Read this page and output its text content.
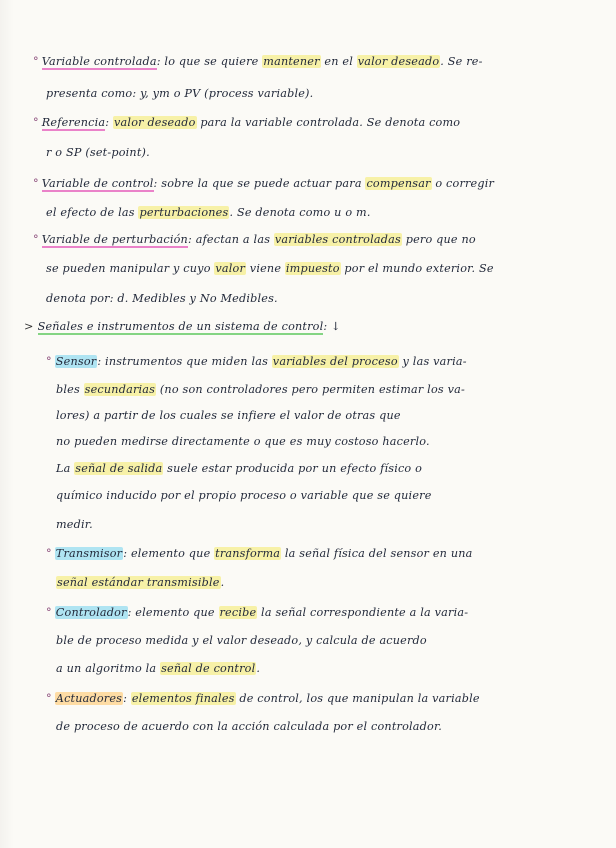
° Variable controlada: lo que se quiere mantener en el valor deseado. Se re-
presenta como: y, ym o PV (process variable).
° Referencia: valor deseado para la variable controlada. Se denota como
r o SP (set-point).
° Variable de control: sobre la que se puede actuar para compensar o corregir
el efecto de las perturbaciones. Se denota como u o m.
° Variable de perturbación: afectan a las variables controladas pero que no
se pueden manipular y cuyo valor viene impuesto por el mundo exterior. Se
denota por: d. Medibles y No Medibles.
> Señales e instrumentos de un sistema de control: ↓
° Sensor: instrumentos que miden las variables del proceso y las varia-
bles secundarias (no son controladores pero permiten estimar los va-
lores) a partir de los cuales se infiere el valor de otras que
no pueden medirse directamente o que es muy costoso hacerlo.
La señal de salida suele estar producida por un efecto físico o
químico inducido por el propio proceso o variable que se quiere
medir.
° Transmisor: elemento que transforma la señal física del sensor en una
señal estándar transmisible.
° Controlador: elemento que recibe la señal correspondiente a la varia-
ble de proceso medida y el valor deseado, y calcula de acuerdo
a un algoritmo la señal de control.
° Actuadores: elementos finales de control, los que manipulan la variable
de proceso de acuerdo con la acción calculada por el controlador.
